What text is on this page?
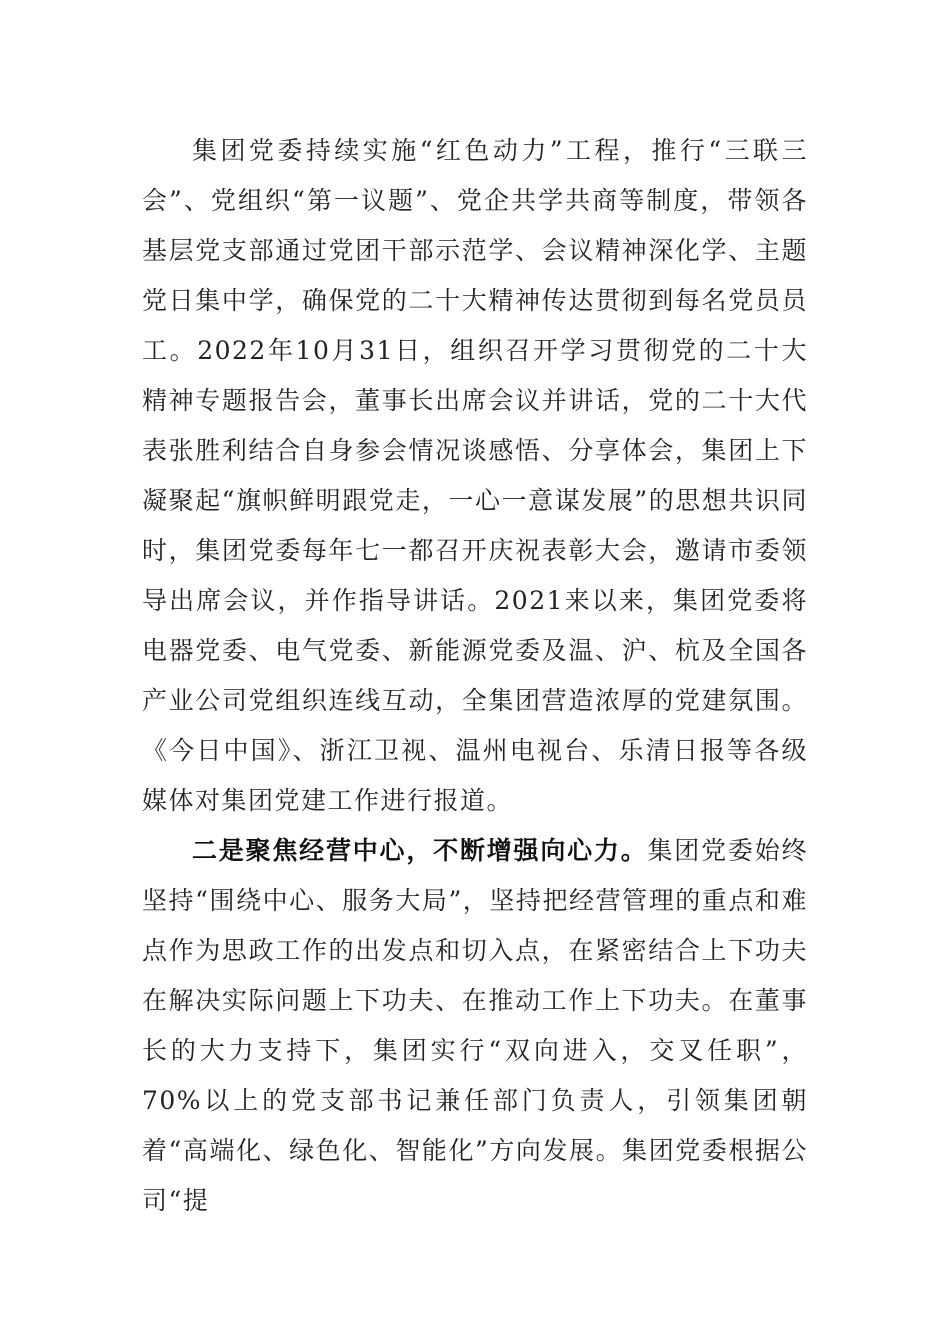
集团党委持续实施“红色动力”工程，推行“三联三会”、党组织“第一议题”、党企共学共商等制度，带领各基层党支部通过党团干部示范学、会议精神深化学、主题党日集中学，确保党的二十大精神传达贯彻到每名党员员工。2022年10月31日，组织召开学习贯彻党的二十大精神专题报告会，董事长出席会议并讲话，党的二十大代表张胜利结合自身参会情况谈感悟、分享体会，集团上下凝聚起“旗帜鲜明跟党走，一心一意谋发展”的思想共识同时，集团党委每年七一都召开庆祝表彰大会，邀请市委领导出席会议，并作指导讲话。2021来以来，集团党委将电器党委、电气党委、新能源党委及温、沪、杭及全国各产业公司党组织连线互动，全集团营造浓厚的党建氛围。《今日中国》、浙江卫视、温州电视台、乐清日报等各级媒体对集团党建工作进行报道。

二是聚焦经营中心，不断增强向心力。集团党委始终坚持“围绕中心、服务大局”，坚持把经营管理的重点和难点作为思政工作的出发点和切入点，在紧密结合上下功夫在解决实际问题上下功夫、在推动工作上下功夫。在董事长的大力支持下，集团实行“双向进入，交叉任职”，70%以上的党支部书记兼任部门负责人，引领集团朝着“高端化、绿色化、智能化”方向发展。集团党委根据公司“提
